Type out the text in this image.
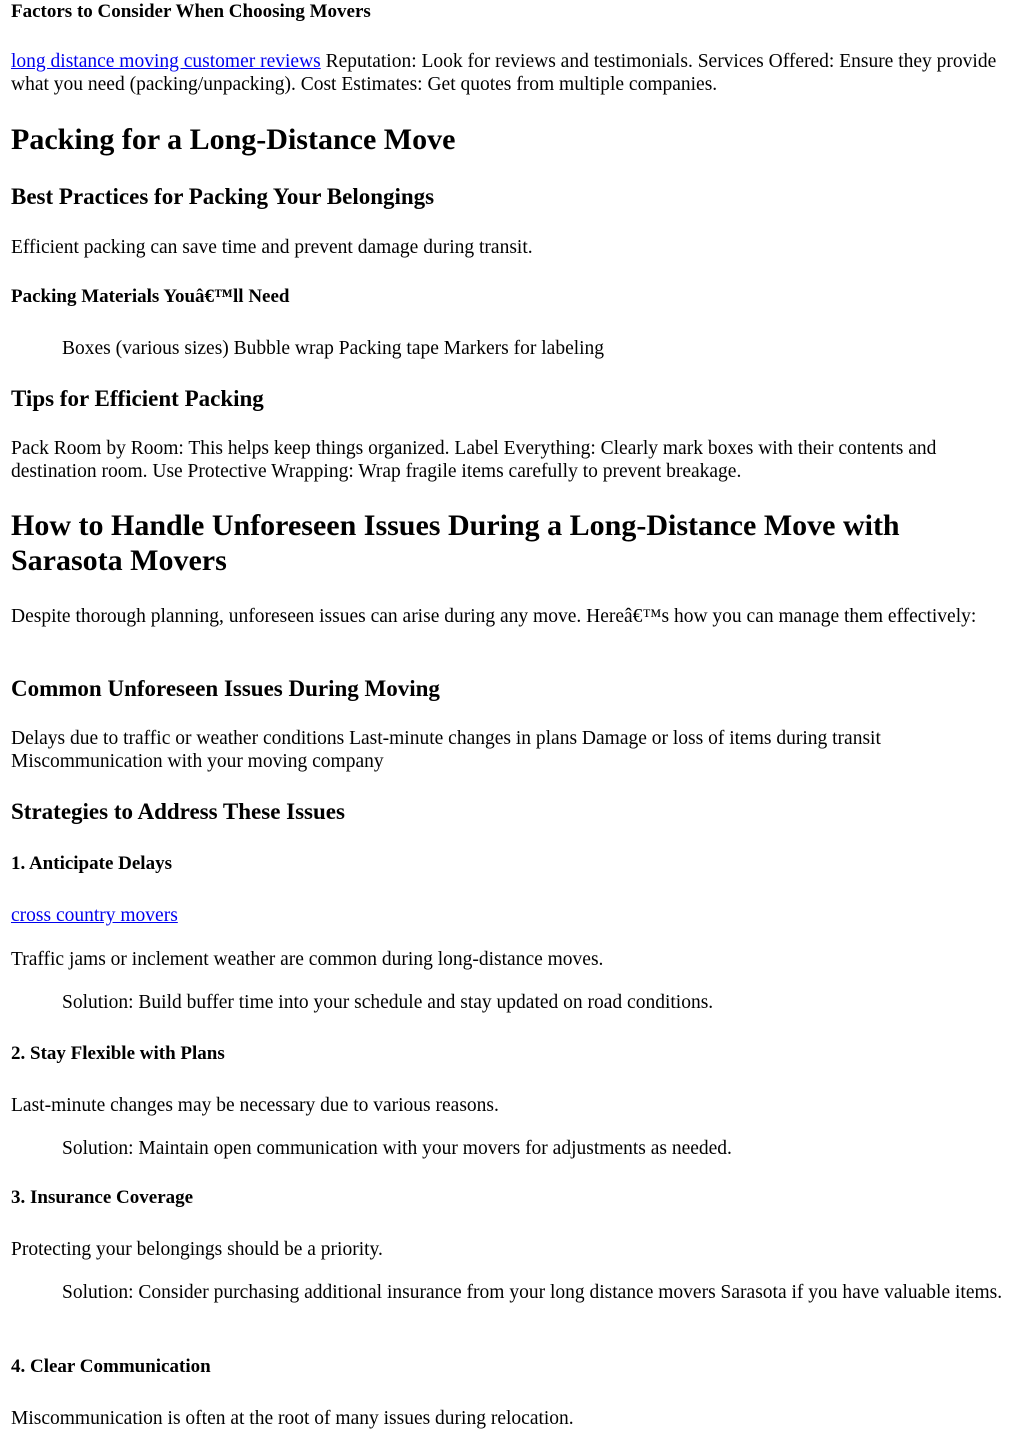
Factors to Consider When Choosing Movers

long distance moving customer reviews Reputation: Look for reviews and testimonials. Services Offered: Ensure they provide what you need (packing/unpacking). Cost Estimates: Get quotes from multiple companies.

Packing for a Long-Distance Move
Best Practices for Packing Your Belongings

Efficient packing can save time and prevent damage during transit.

Packing Materials Youâ€™ll Need

Boxes (various sizes) Bubble wrap Packing tape Markers for labeling

Tips for Efficient Packing

Pack Room by Room: This helps keep things organized. Label Everything: Clearly mark boxes with their contents and destination room. Use Protective Wrapping: Wrap fragile items carefully to prevent breakage.

How to Handle Unforeseen Issues During a Long-Distance Move with Sarasota Movers

Despite thorough planning, unforeseen issues can arise during any move. Hereâ€™s how you can manage them effectively:

Common Unforeseen Issues During Moving

Delays due to traffic or weather conditions Last-minute changes in plans Damage or loss of items during transit Miscommunication with your moving company

Strategies to Address These Issues
1. Anticipate Delays

cross country movers

Traffic jams or inclement weather are common during long-distance moves.

Solution: Build buffer time into your schedule and stay updated on road conditions.

2. Stay Flexible with Plans

Last-minute changes may be necessary due to various reasons.

Solution: Maintain open communication with your movers for adjustments as needed.

3. Insurance Coverage

Protecting your belongings should be a priority.

Solution: Consider purchasing additional insurance from your long distance movers Sarasota if you have valuable items.

4. Clear Communication

Miscommunication is often at the root of many issues during relocation.
